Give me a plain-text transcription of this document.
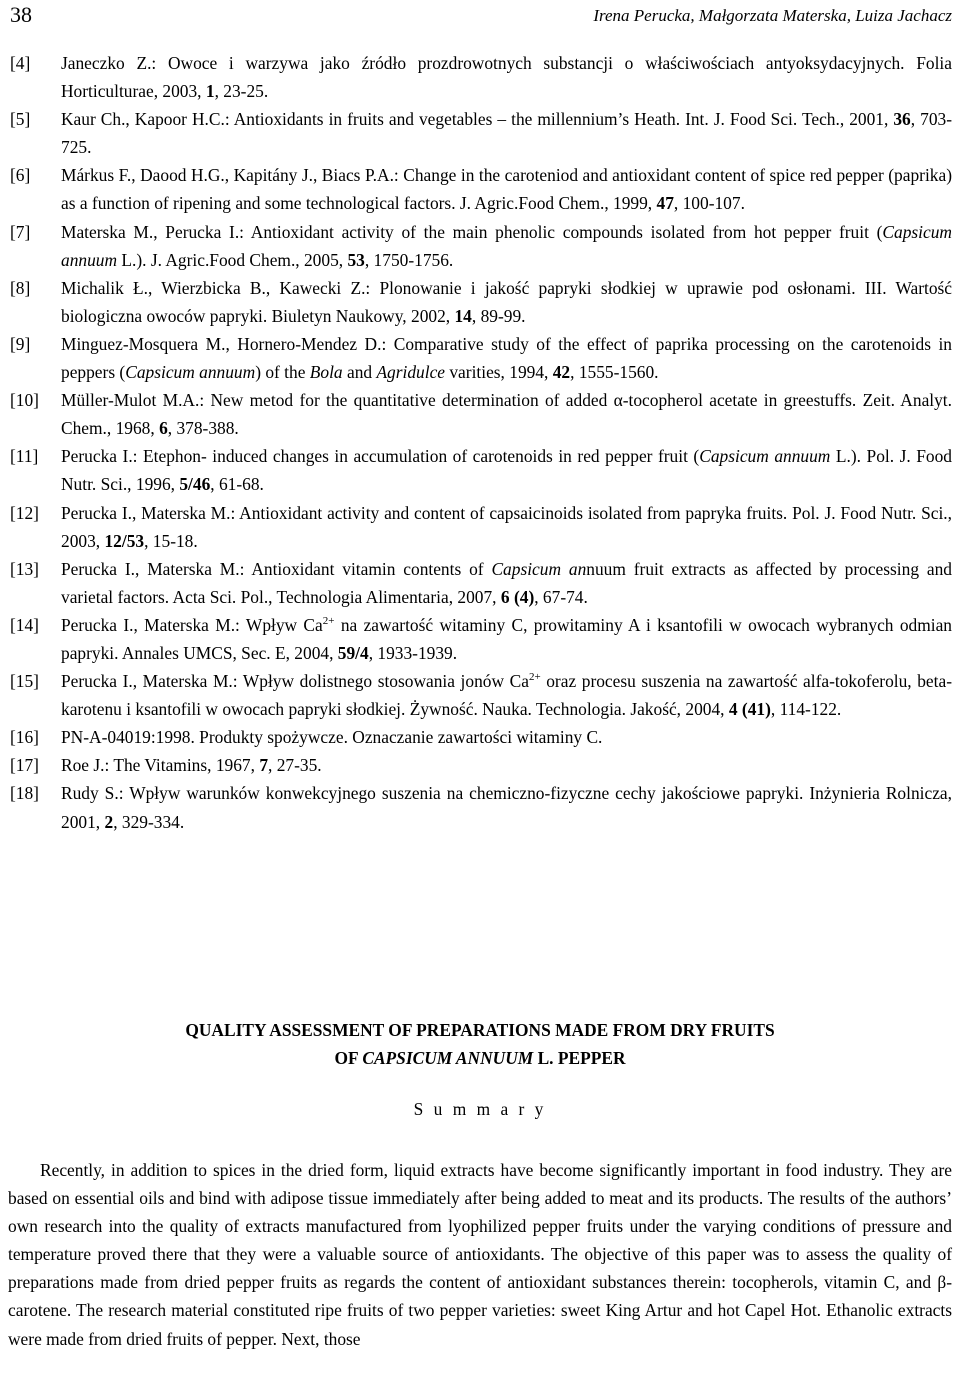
38	Irena Perucka, Małgorzata Materska, Luiza Jachacz
[4] Janeczko Z.: Owoce i warzywa jako źródło prozdrowotnych substancji o właściwościach antyoksydacyjnych. Folia Horticulturae, 2003, 1, 23-25.
[5] Kaur Ch., Kapoor H.C.: Antioxidants in fruits and vegetables – the millennium’s Heath. Int. J. Food Sci. Tech., 2001, 36, 703-725.
[6] Márkus F., Daood H.G., Kapitány J., Biacs P.A.: Change in the caroteniod and antioxidant content of spice red pepper (paprika) as a function of ripening and some technological factors. J. Agric.Food Chem., 1999, 47, 100-107.
[7] Materska M., Perucka I.: Antioxidant activity of the main phenolic compounds isolated from hot pepper fruit (Capsicum annuum L.). J. Agric.Food Chem., 2005, 53, 1750-1756.
[8] Michalik Ł., Wierzbicka B., Kawecki Z.: Plonowanie i jakość papryki słodkiej w uprawie pod osłonami. III. Wartość biologiczna owoców papryki. Biuletyn Naukowy, 2002, 14, 89-99.
[9] Minguez-Mosquera M., Hornero-Mendez D.: Comparative study of the effect of paprika processing on the carotenoids in peppers (Capsicum annuum) of the Bola and Agridulce varities, 1994, 42, 1555-1560.
[10] Müller-Mulot M.A.: New metod for the quantitative determination of added α-tocopherol acetate in greestuffs. Zeit. Analyt. Chem., 1968, 6, 378-388.
[11] Perucka I.: Etephon- induced changes in accumulation of carotenoids in red pepper fruit (Capsicum annuum L.). Pol. J. Food Nutr. Sci., 1996, 5/46, 61-68.
[12] Perucka I., Materska M.: Antioxidant activity and content of capsaicinoids isolated from papryka fruits. Pol. J. Food Nutr. Sci., 2003, 12/53, 15-18.
[13] Perucka I., Materska M.: Antioxidant vitamin contents of Capsicum annuum fruit extracts as affected by processing and varietal factors. Acta Sci. Pol., Technologia Alimentaria, 2007, 6 (4), 67-74.
[14] Perucka I., Materska M.: Wpływ $Ca^{2+}$ na zawartość witaminy C, prowitaminy A i ksantofili w owocach wybranych odmian papryki. Annales UMCS, Sec. E, 2004, 59/4, 1933-1939.
[15] Perucka I., Materska M.: Wpływ dolistnego stosowania jonów $Ca^{2+}$ oraz procesu suszenia na zawartość alfa-tokoferolu, beta-karotenu i ksantofili w owocach papryki słodkiej. Żywność. Nauka. Technologia. Jakość, 2004, 4 (41), 114-122.
[16] PN-A-04019:1998. Produkty spożywcze. Oznaczanie zawartości witaminy C.
[17] Roe J.: The Vitamins, 1967, 7, 27-35.
[18] Rudy S.: Wpływ warunków konwekcyjnego suszenia na chemiczno-fizyczne cechy jakościowe papryki. Inżynieria Rolnicza, 2001, 2, 329-334.
QUALITY ASSESSMENT OF PREPARATIONS MADE FROM DRY FRUITS
OF CAPSICUM ANNUUM L. PEPPER
S u m m a r y

Recently, in addition to spices in the dried form, liquid extracts have become significantly important in food industry. They are based on essential oils and bind with adipose tissue immediately after being added to meat and its products. The results of the authors’ own research into the quality of extracts manufactured from lyophilized pepper fruits under the varying conditions of pressure and temperature proved there that they were a valuable source of antioxidants. The objective of this paper was to assess the quality of preparations made from dried pepper fruits as regards the content of antioxidant substances therein: tocopherols, vitamin C, and β-carotene. The research material constituted ripe fruits of two pepper varieties: sweet King Artur and hot Capel Hot. Ethanolic extracts were made from dried fruits of pepper. Next, those
